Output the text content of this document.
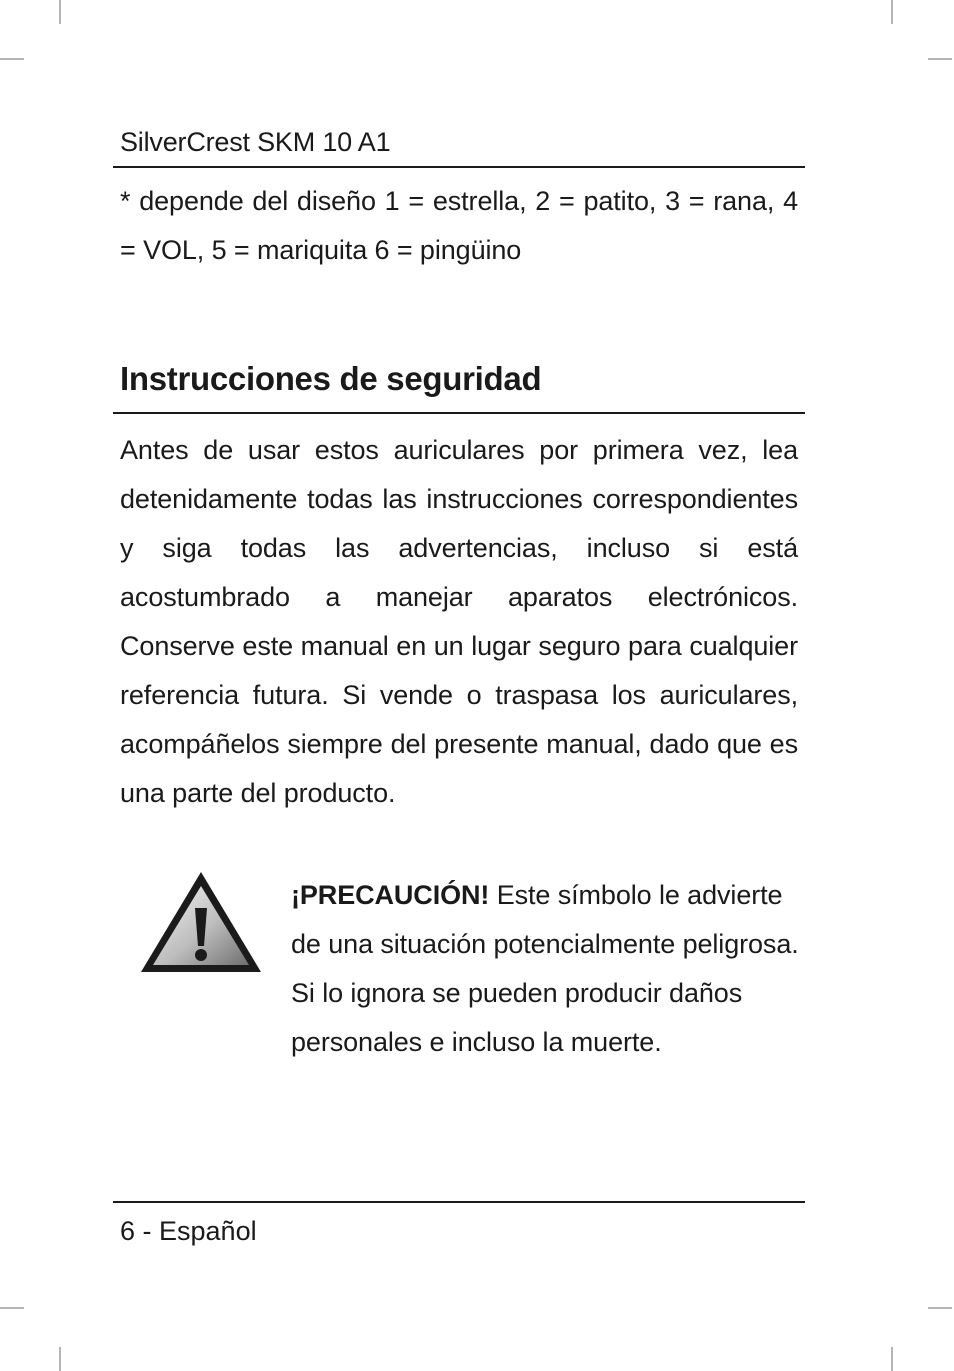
SilverCrest SKM 10 A1
* depende del diseño 1 = estrella, 2 = patito, 3 = rana, 4 = VOL, 5 = mariquita 6 = pingüino
Instrucciones de seguridad
Antes de usar estos auriculares por primera vez, lea detenidamente todas las instrucciones correspondientes y siga todas las advertencias, incluso si está acostumbrado a manejar aparatos electrónicos. Conserve este manual en un lugar seguro para cualquier referencia futura. Si vende o traspasa los auriculares, acompáñelos siempre del presente manual, dado que es una parte del producto.
¡PRECAUCIÓN! Este símbolo le advierte de una situación potencialmente peligrosa. Si lo ignora se pueden producir daños personales e incluso la muerte.
6 - Español
